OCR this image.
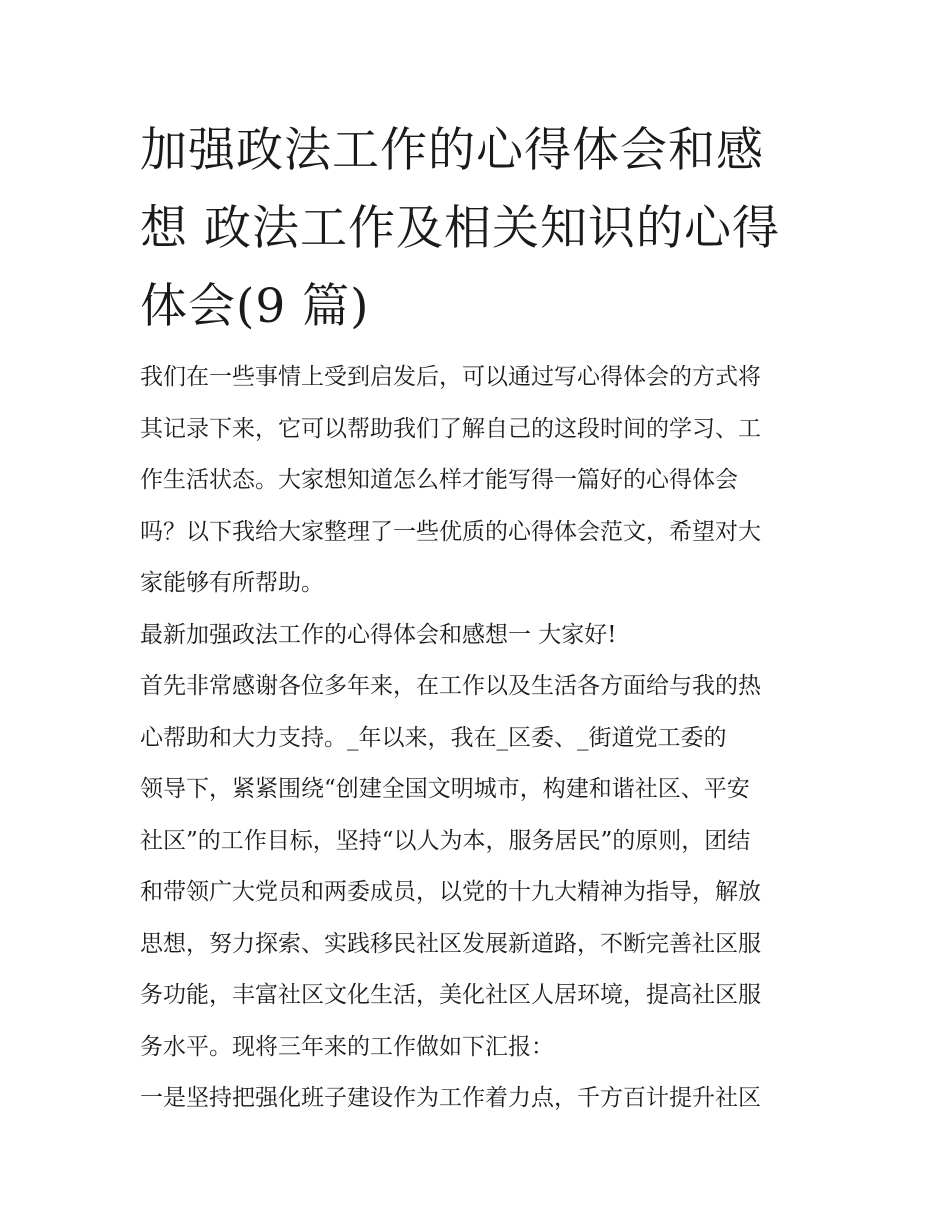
加强政法工作的心得体会和感
想 政法工作及相关知识的心得
体会(9 篇)

我们在一些事情上受到启发后，可以通过写心得体会的方式将
其记录下来，它可以帮助我们了解自己的这段时间的学习、工
作生活状态。大家想知道怎么样才能写得一篇好的心得体会
吗？以下我给大家整理了一些优质的心得体会范文，希望对大
家能够有所帮助。

最新加强政法工作的心得体会和感想一 大家好!

首先非常感谢各位多年来，在工作以及生活各方面给与我的热
心帮助和大力支持。_年以来，我在_区委、_街道党工委的
领导下，紧紧围绕“创建全国文明城市，构建和谐社区、平安
社区”的工作目标，坚持“以人为本，服务居民”的原则，团结
和带领广大党员和两委成员，以党的十九大精神为指导，解放
思想，努力探索、实践移民社区发展新道路，不断完善社区服
务功能，丰富社区文化生活，美化社区人居环境，提高社区服
务水平。现将三年来的工作做如下汇报：

一是坚持把强化班子建设作为工作着力点，千方百计提升社区
